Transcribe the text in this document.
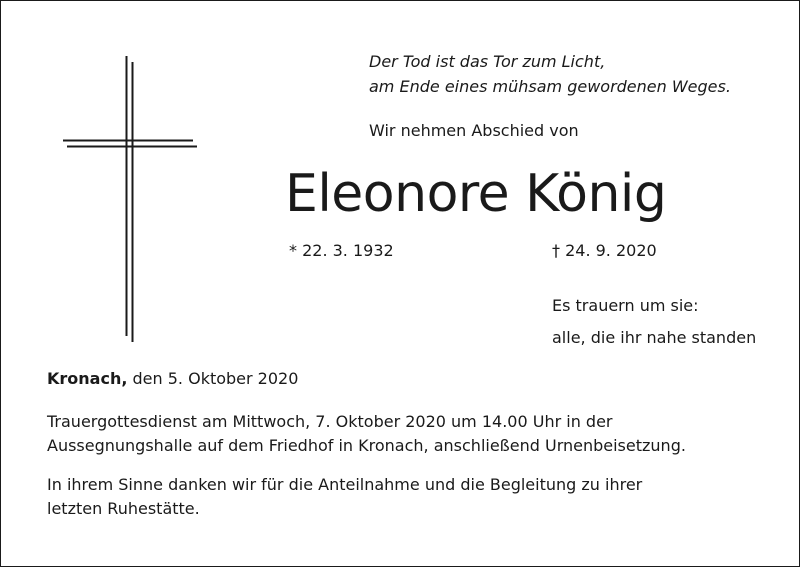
Der Tod ist das Tor zum Licht,
am Ende eines mühsam gewordenen Weges.
Wir nehmen Abschied von
Eleonore König
* 22. 3. 1932	† 24. 9. 2020
Es trauern um sie:
alle, die ihr nahe standen
Kronach, den 5. Oktober 2020
Trauergottesdienst am Mittwoch, 7. Oktober 2020 um 14.00 Uhr in der
Aussegnungshalle auf dem Friedhof in Kronach, anschließend Urnenbeisetzung.
In ihrem Sinne danken wir für die Anteilnahme und die Begleitung zu ihrer
letzten Ruhestätte.
